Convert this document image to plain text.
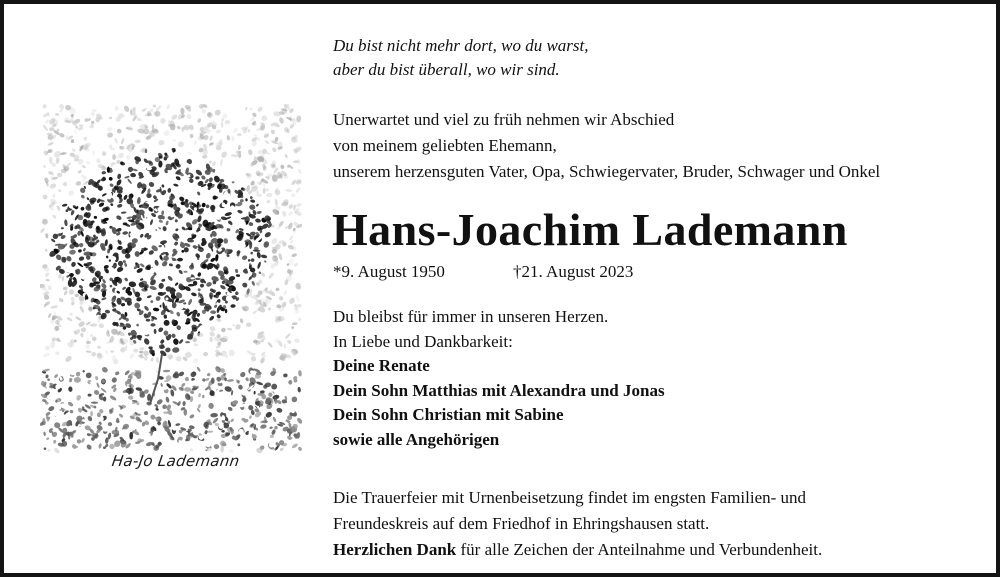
Ha-Jo Lademann
Du bist nicht mehr dort, wo du warst,
aber du bist überall, wo wir sind.
Unerwartet und viel zu früh nehmen wir Abschied
von meinem geliebten Ehemann,
unserem herzensguten Vater, Opa, Schwiegervater, Bruder, Schwager und Onkel
Hans-Joachim Lademann
*9. August 1950	†21. August 2023
Du bleibst für immer in unseren Herzen.
In Liebe und Dankbarkeit:
Deine Renate
Dein Sohn Matthias mit Alexandra und Jonas
Dein Sohn Christian mit Sabine
sowie alle Angehörigen
Die Trauerfeier mit Urnenbeisetzung findet im engsten Familien- und
Freundeskreis auf dem Friedhof in Ehringshausen statt.
Herzlichen Dank für alle Zeichen der Anteilnahme und Verbundenheit.
